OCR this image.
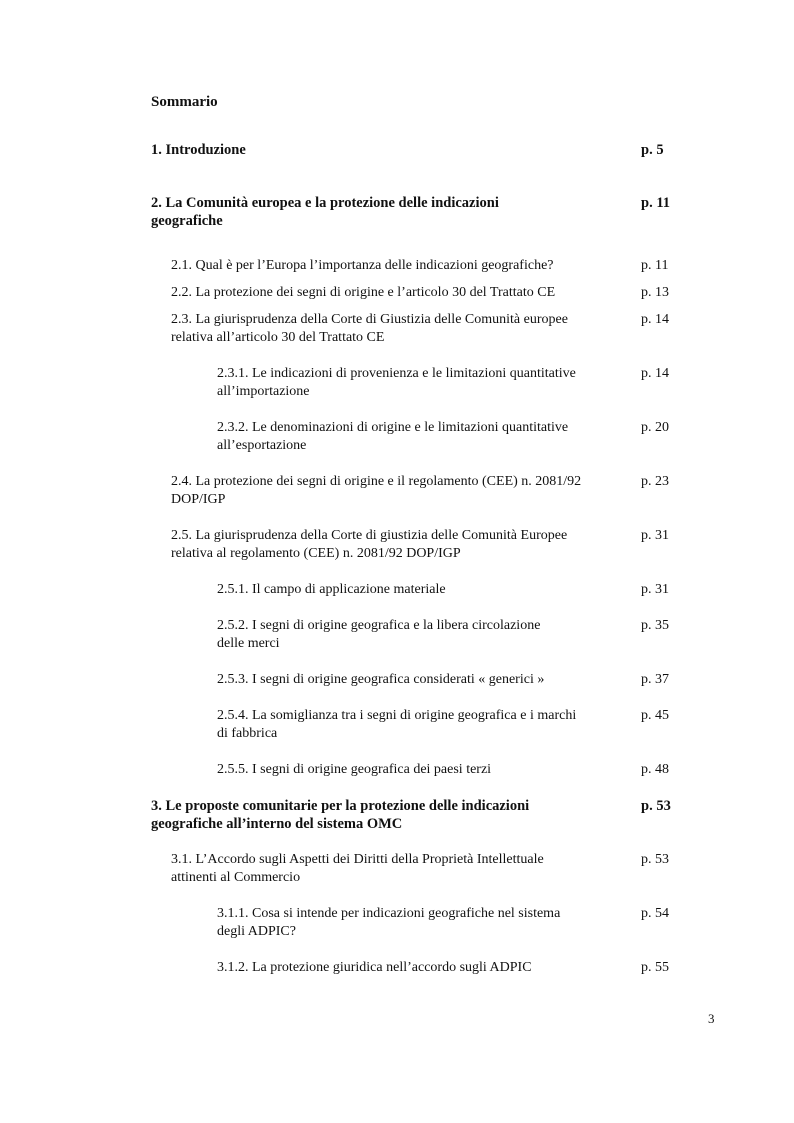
Sommario
1. Introduzione	p. 5
2. La Comunità europea e la protezione delle indicazioni
geografiche
p. 11
2.1. Qual è per l’Europa l’importanza delle indicazioni geografiche?	p. 11
2.2. La protezione dei segni di origine e l’articolo 30 del Trattato CE	p. 13
2.3. La giurisprudenza della Corte di Giustizia delle Comunità europee
relativa all’articolo 30 del Trattato CE
p. 14
2.3.1. Le indicazioni di provenienza e le limitazioni quantitative
all’importazione
p. 14
2.3.2. Le denominazioni di origine e le limitazioni quantitative
all’esportazione
p. 20
2.4. La protezione dei segni di origine e il regolamento (CEE) n. 2081/92
DOP/IGP
p. 23
2.5. La giurisprudenza della Corte di giustizia delle Comunità Europee
relativa al regolamento (CEE) n. 2081/92 DOP/IGP
p. 31
2.5.1. Il campo di applicazione materiale	p. 31
2.5.2. I segni di origine geografica e la libera circolazione
delle merci
p. 35
2.5.3. I segni di origine geografica considerati « generici »	p. 37
2.5.4. La somiglianza tra i segni di origine geografica e i marchi
di fabbrica
p. 45
2.5.5. I segni di origine geografica dei paesi terzi	p. 48
3. Le proposte comunitarie per la protezione delle indicazioni
geografiche all’interno del sistema OMC
p. 53
3.1. L’Accordo sugli Aspetti dei Diritti della Proprietà Intellettuale
attinenti al Commercio
p. 53
3.1.1. Cosa si intende per indicazioni geografiche nel sistema
degli ADPIC?
p. 54
3.1.2. La protezione giuridica nell’accordo sugli ADPIC	p. 55
3
